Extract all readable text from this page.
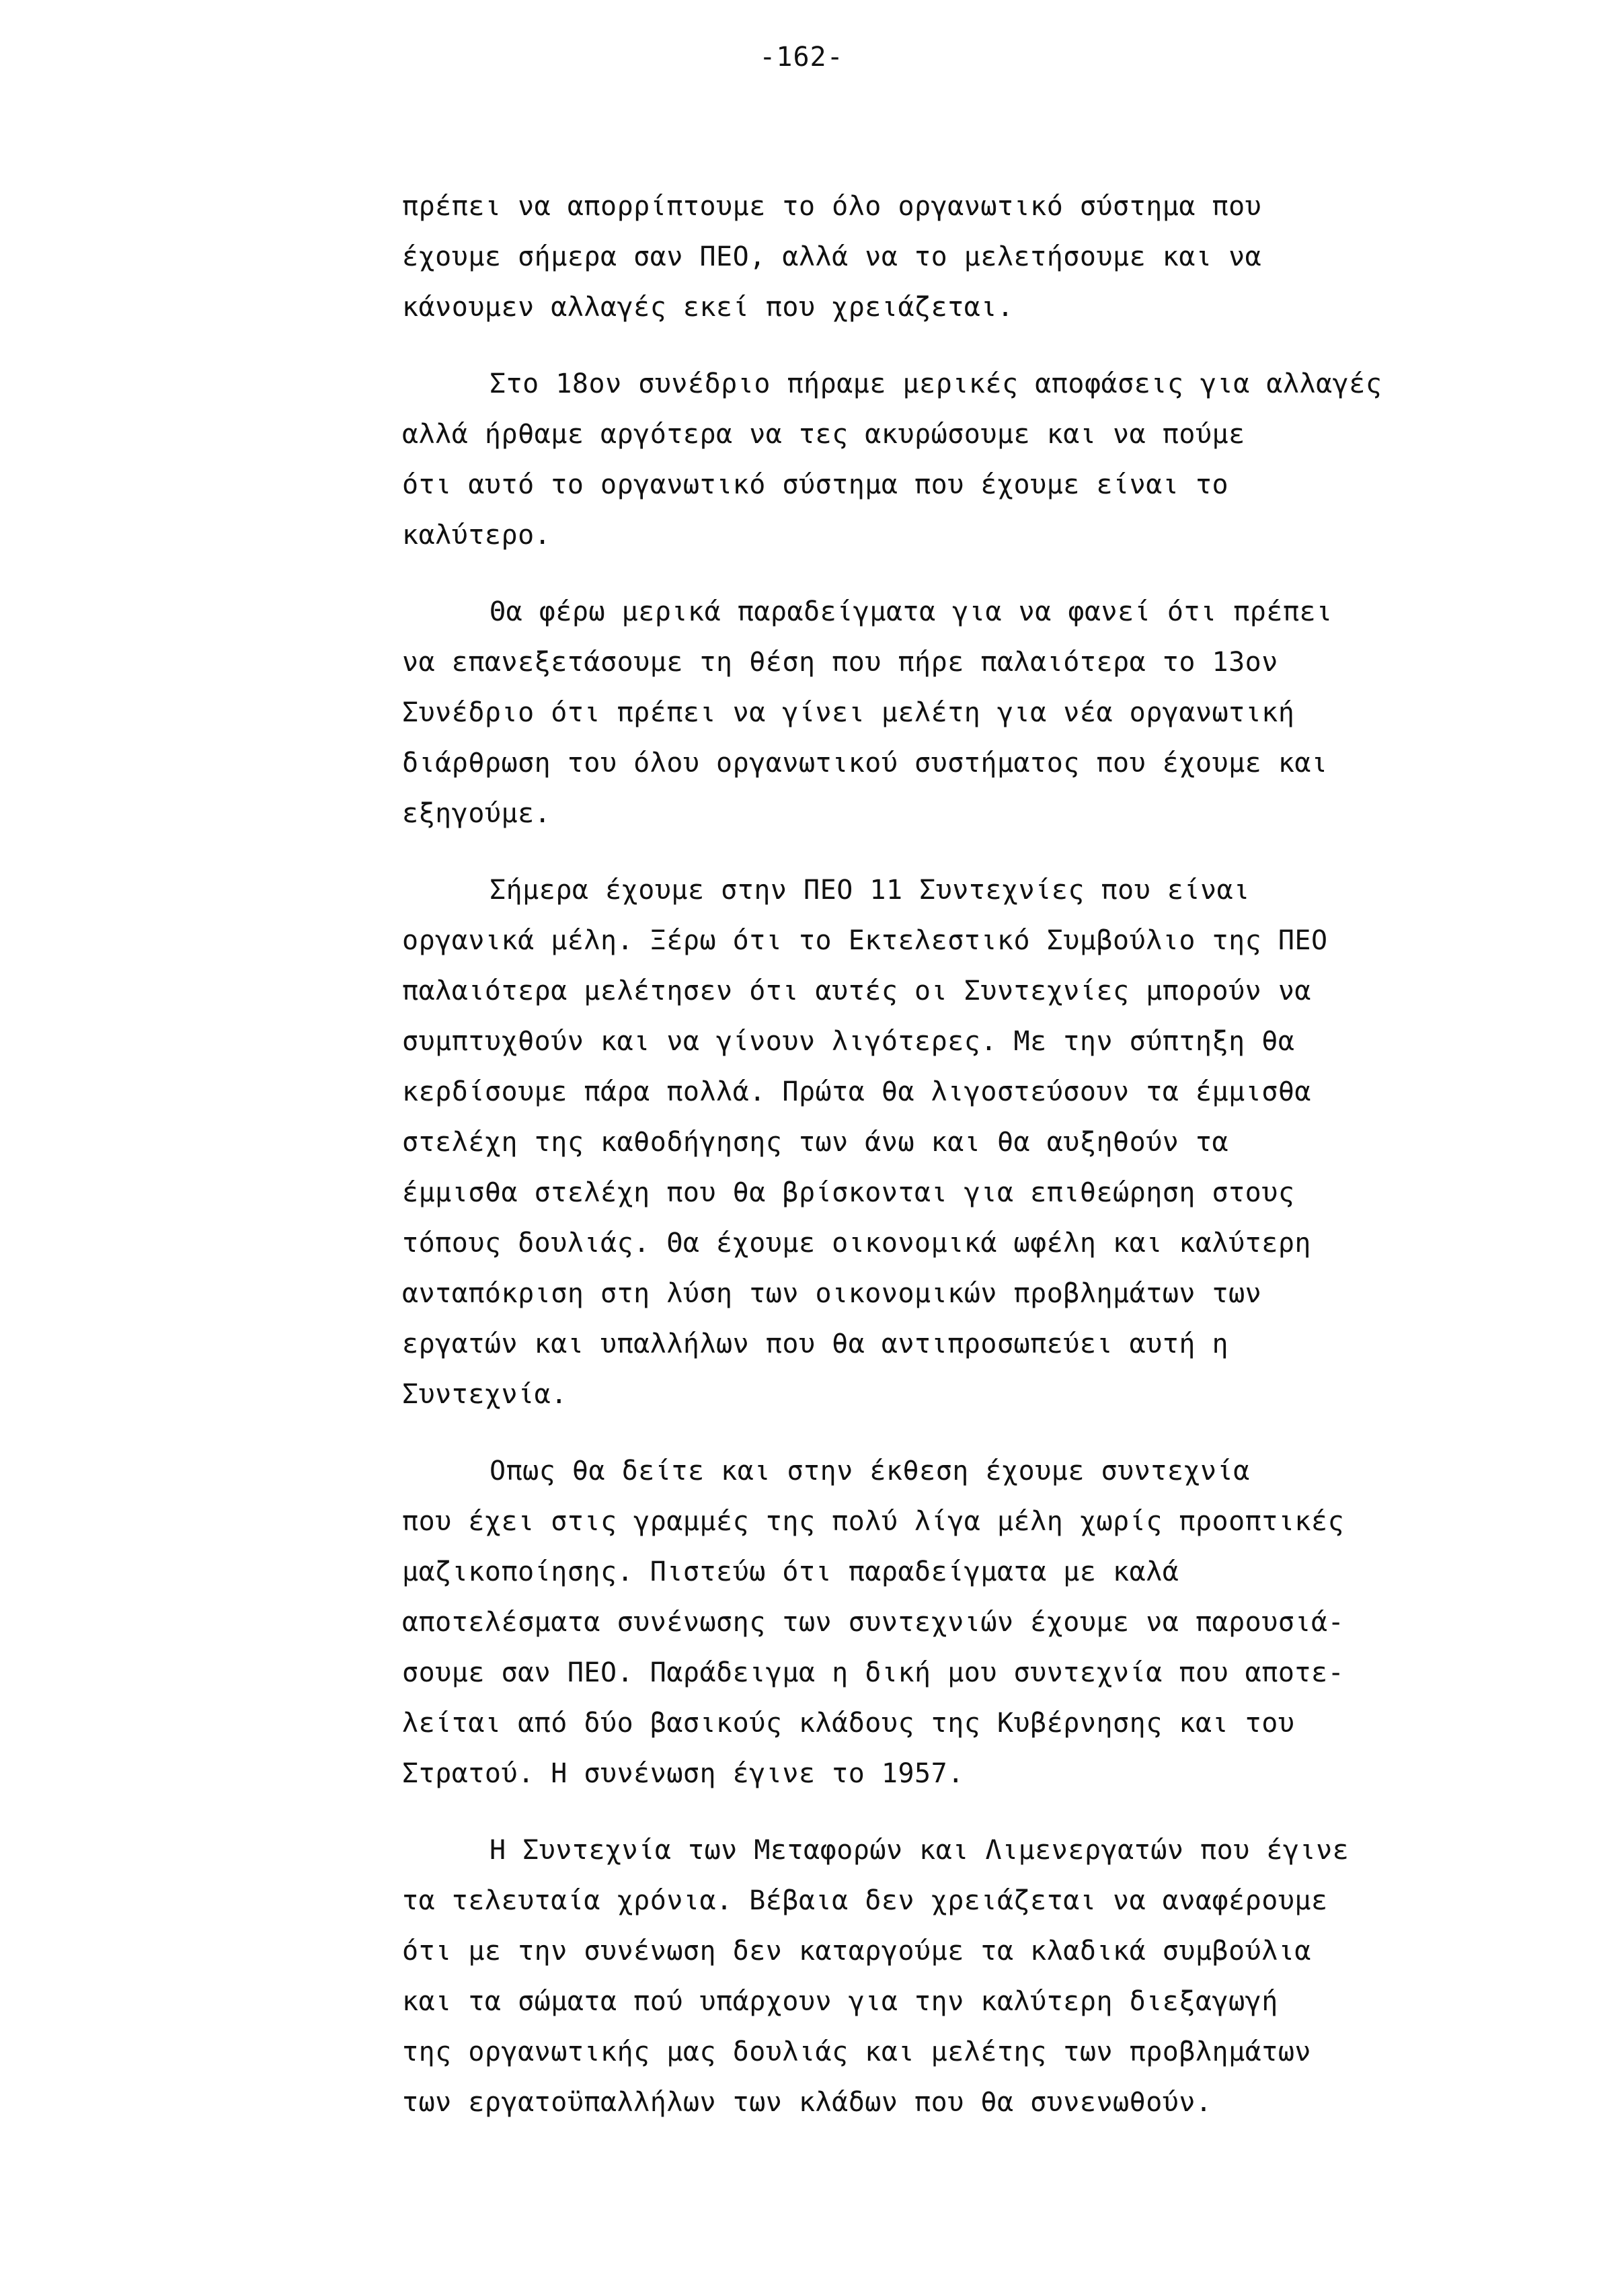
-162-
πρέπει να απορρίπτουμε το όλο οργανωτικό σύστημα που
έχουμε σήμερα σαν ΠΕΟ, αλλά να το μελετήσουμε και να
κάνουμεν αλλαγές εκεί που χρειάζεται.
Στο 18ον συνέδριο πήραμε μερικές αποφάσεις για αλλαγές
αλλά ήρθαμε αργότερα να τες ακυρώσουμε και να πούμε
ότι αυτό το οργανωτικό σύστημα που έχουμε είναι το
καλύτερο.
Θα φέρω μερικά παραδείγματα για να φανεί ότι πρέπει
να επανεξετάσουμε τη θέση που πήρε παλαιότερα το 13ον
Συνέδριο ότι πρέπει να γίνει μελέτη για νέα οργανωτική
διάρθρωση του όλου οργανωτικού συστήματος που έχουμε και
εξηγούμε.
Σήμερα έχουμε στην ΠΕΟ 11 Συντεχνίες που είναι
οργανικά μέλη. Ξέρω ότι το Εκτελεστικό Συμβούλιο της ΠΕΟ
παλαιότερα μελέτησεν ότι αυτές οι Συντεχνίες μπορούν να
συμπτυχθούν και να γίνουν λιγότερες. Με την σύπτηξη θα
κερδίσουμε πάρα πολλά. Πρώτα θα λιγοστεύσουν τα έμμισθα
στελέχη της καθοδήγησης των άνω και θα αυξηθούν τα
έμμισθα στελέχη που θα βρίσκονται για επιθεώρηση στους
τόπους δουλιάς. Θα έχουμε οικονομικά ωφέλη και καλύτερη
ανταπόκριση στη λύση των οικονομικών προβλημάτων των
εργατών και υπαλλήλων που θα αντιπροσωπεύει αυτή η
Συντεχνία.
Οπως θα δείτε και στην έκθεση έχουμε συντεχνία
που έχει στις γραμμές της πολύ λίγα μέλη χωρίς προοπτικές
μαζικοποίησης. Πιστεύω ότι παραδείγματα με καλά
αποτελέσματα συνένωσης των συντεχνιών έχουμε να παρουσιά-
σουμε σαν ΠΕΟ. Παράδειγμα η δική μου συντεχνία που αποτε-
λείται από δύο βασικούς κλάδους της Κυβέρνησης και του
Στρατού. Η συνένωση έγινε το 1957.
Η Συντεχνία των Μεταφορών και Λιμενεργατών που έγινε
τα τελευταία χρόνια. Βέβαια δεν χρειάζεται να αναφέρουμε
ότι με την συνένωση δεν καταργούμε τα κλαδικά συμβούλια
και τα σώματα πού υπάρχουν για την καλύτερη διεξαγωγή
της οργανωτικής μας δουλιάς και μελέτης των προβλημάτων
των εργατοϋπαλλήλων των κλάδων που θα συνενωθούν.
